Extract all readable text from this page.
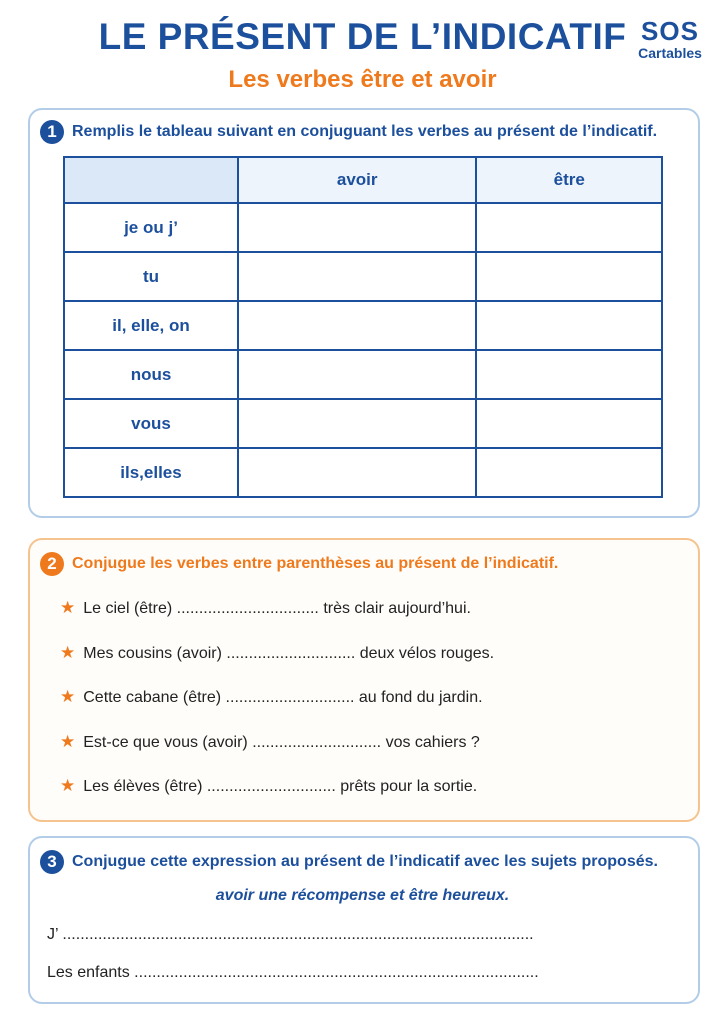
LE PRÉSENT DE L’INDICATIF
Les verbes être et avoir
SOS
Cartables
1 Remplis le tableau suivant en conjuguant les verbes au présent de l’indicatif.
	avoir	être
je ou j’		
tu		
il, elle, on		
nous		
vous		
ils,elles		
2 Conjugue les verbes entre parenthèses au présent de l’indicatif.
★ Le ciel (être) ................................ très clair aujourd’hui.
★ Mes cousins (avoir) ............................. deux vélos rouges.
★ Cette cabane (être) ............................. au fond du jardin.
★ Est-ce que vous (avoir) ............................. vos cahiers ?
★ Les élèves (être) ............................. prêts pour la sortie.
3 Conjugue cette expression au présent de l’indicatif avec les sujets proposés.
avoir une récompense et être heureux.
J’ ..........................................................................................................
Les enfants ...........................................................................................
